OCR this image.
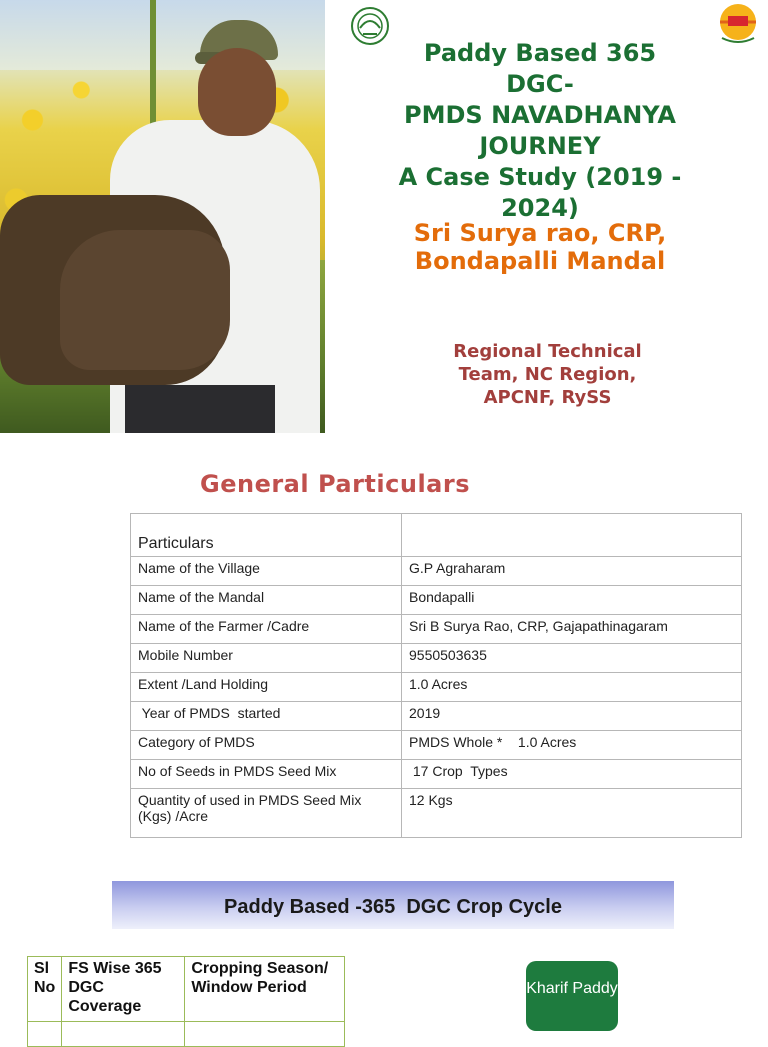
Paddy Based 365
DGC-
PMDS NAVADHANYA
JOURNEY
A Case Study (2019 -
2024)
Sri Surya rao, CRP,
Bondapalli Mandal
Regional Technical
Team, NC Region,
APCNF, RySS
General Particulars
Particulars	
Name of the Village	G.P Agraharam
Name of the Mandal	Bondapalli
Name of the Farmer /Cadre	Sri B Surya Rao, CRP, Gajapathinagaram
Mobile Number	9550503635
Extent /Land Holding	1.0 Acres
Year of PMDS  started	2019
Category of PMDS	PMDS Whole *    1.0 Acres
No of Seeds in PMDS Seed Mix	17 Crop  Types
Quantity of used in PMDS Seed Mix (Kgs) /Acre	12 Kgs
Paddy Based -365  DGC Crop Cycle
Sl No	FS Wise 365 DGC Coverage	Cropping Season/ Window Period
			Kharif Paddy
